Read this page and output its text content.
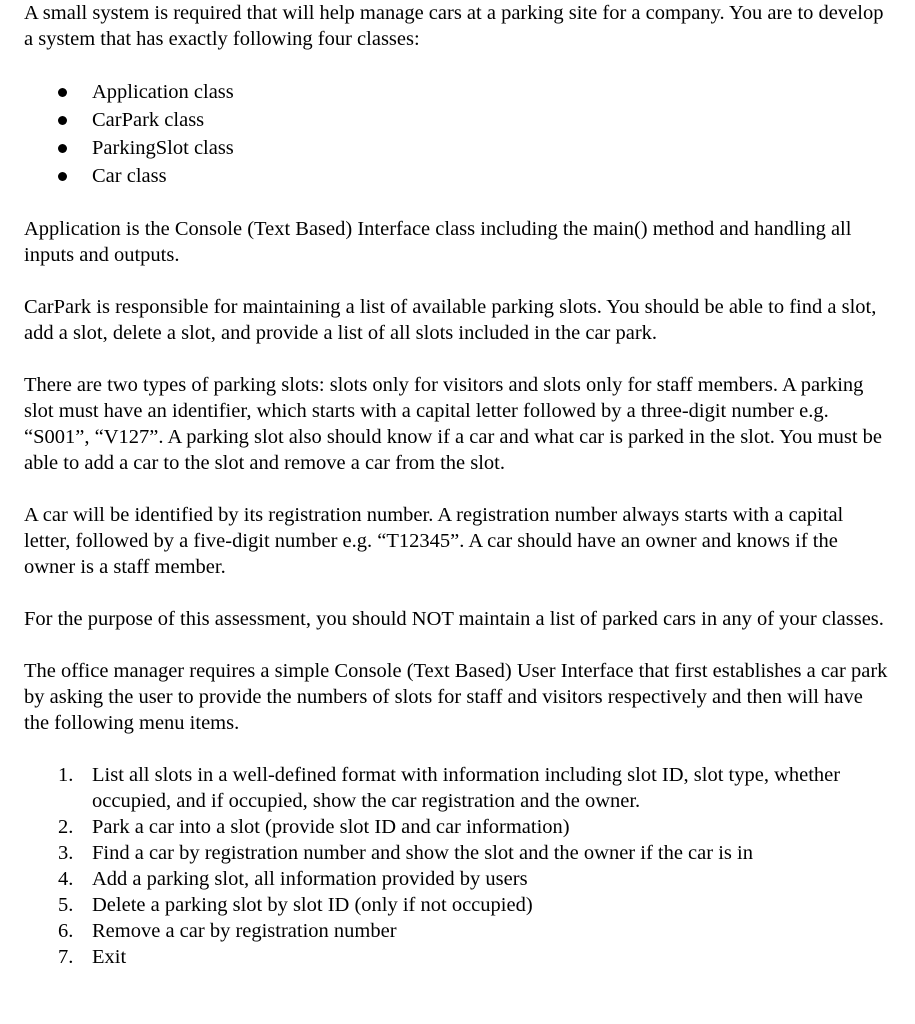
A small system is required that will help manage cars at a parking site for a company. You are to develop a system that has exactly following four classes:

Application class
CarPark class
ParkingSlot class
Car class

Application is the Console (Text Based) Interface class including the main() method and handling all inputs and outputs.

CarPark is responsible for maintaining a list of available parking slots. You should be able to find a slot, add a slot, delete a slot, and provide a list of all slots included in the car park.

There are two types of parking slots: slots only for visitors and slots only for staff members. A parking slot must have an identifier, which starts with a capital letter followed by a three-digit number e.g. “S001”, “V127”. A parking slot also should know if a car and what car is parked in the slot. You must be able to add a car to the slot and remove a car from the slot.

A car will be identified by its registration number. A registration number always starts with a capital letter, followed by a five-digit number e.g. “T12345”. A car should have an owner and knows if the owner is a staff member.

For the purpose of this assessment, you should NOT maintain a list of parked cars in any of your classes.

The office manager requires a simple Console (Text Based) User Interface that first establishes a car park by asking the user to provide the numbers of slots for staff and visitors respectively and then will have the following menu items.

1. List all slots in a well-defined format with information including slot ID, slot type, whether occupied, and if occupied, show the car registration and the owner.
2. Park a car into a slot (provide slot ID and car information)
3. Find a car by registration number and show the slot and the owner if the car is in
4. Add a parking slot, all information provided by users
5. Delete a parking slot by slot ID (only if not occupied)
6. Remove a car by registration number
7. Exit
